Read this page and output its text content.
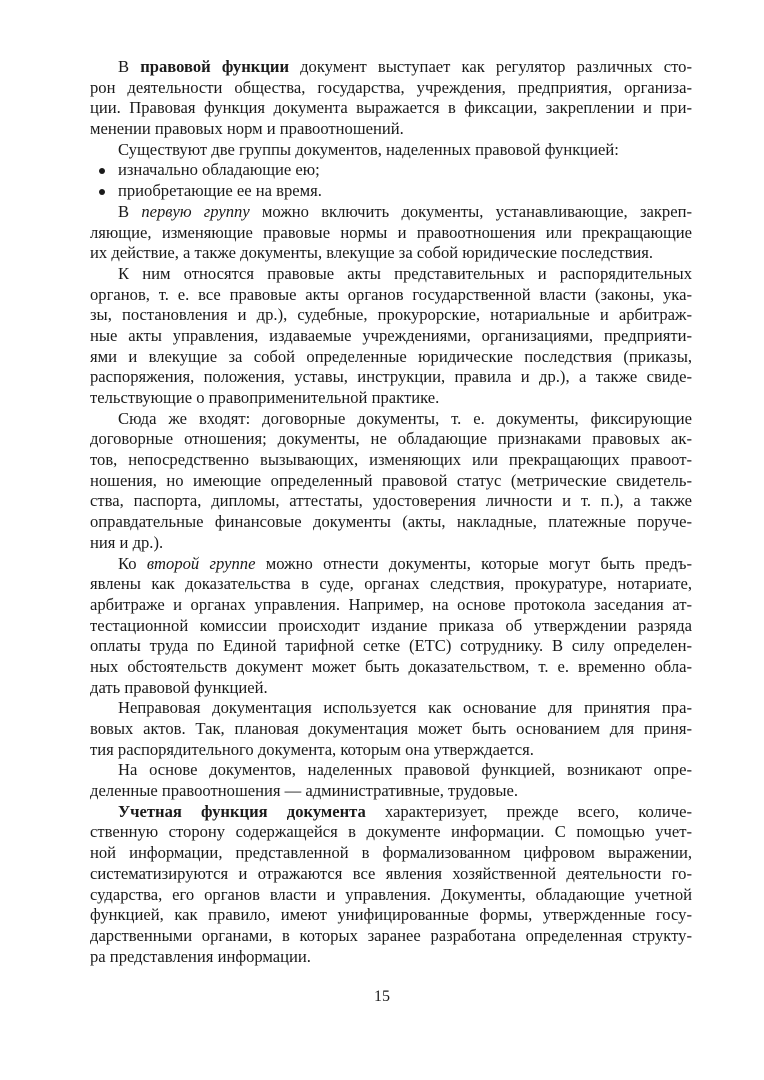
В правовой функции документ выступает как регулятор различных сто-
рон деятельности общества, государства, учреждения, предприятия, организа-
ции. Правовая функция документа выражается в фиксации, закреплении и при-
менении правовых норм и правоотношений.
Существуют две группы документов, наделенных правовой функцией:
изначально обладающие ею;
приобретающие ее на время.
В первую группу можно включить документы, устанавливающие, закреп-
ляющие, изменяющие правовые нормы и правоотношения или прекращающие
их действие, а также документы, влекущие за собой юридические последствия.
К ним относятся правовые акты представительных и распорядительных
органов, т. е. все правовые акты органов государственной власти (законы, ука-
зы, постановления и др.), судебные, прокурорские, нотариальные и арбитраж-
ные акты управления, издаваемые учреждениями, организациями, предприяти-
ями и влекущие за собой определенные юридические последствия (приказы,
распоряжения, положения, уставы, инструкции, правила и др.), а также свиде-
тельствующие о правоприменительной практике.
Сюда же входят: договорные документы, т. е. документы, фиксирующие
договорные отношения; документы, не обладающие признаками правовых ак-
тов, непосредственно вызывающих, изменяющих или прекращающих правоот-
ношения, но имеющие определенный правовой статус (метрические свидетель-
ства, паспорта, дипломы, аттестаты, удостоверения личности и т. п.), а также
оправдательные финансовые документы (акты, накладные, платежные поруче-
ния и др.).
Ко второй группе можно отнести документы, которые могут быть предъ-
явлены как доказательства в суде, органах следствия, прокуратуре, нотариате,
арбитраже и органах управления. Например, на основе протокола заседания ат-
тестационной комиссии происходит издание приказа об утверждении разряда
оплаты труда по Единой тарифной сетке (ЕТС) сотруднику. В силу определен-
ных обстоятельств документ может быть доказательством, т. е. временно обла-
дать правовой функцией.
Неправовая документация используется как основание для принятия пра-
вовых актов. Так, плановая документация может быть основанием для приня-
тия распорядительного документа, которым она утверждается.
На основе документов, наделенных правовой функцией, возникают опре-
деленные правоотношения — административные, трудовые.
Учетная функция документа характеризует, прежде всего, количе-
ственную сторону содержащейся в документе информации. С помощью учет-
ной информации, представленной в формализованном цифровом выражении,
систематизируются и отражаются все явления хозяйственной деятельности го-
сударства, его органов власти и управления. Документы, обладающие учетной
функцией, как правило, имеют унифицированные формы, утвержденные госу-
дарственными органами, в которых заранее разработана определенная структу-
ра представления информации.
15
